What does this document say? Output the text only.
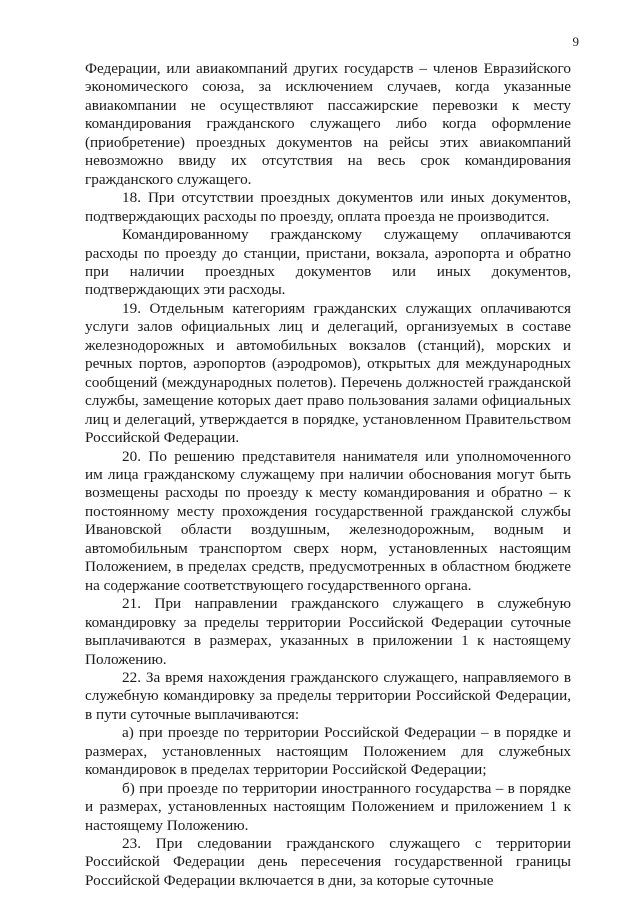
9

Федерации, или авиакомпаний других государств – членов Евразийского экономического союза, за исключением случаев, когда указанные авиакомпании не осуществляют пассажирские перевозки к месту командирования гражданского служащего либо когда оформление (приобретение) проездных документов на рейсы этих авиакомпаний невозможно ввиду их отсутствия на весь срок командирования гражданского служащего.

18. При отсутствии проездных документов или иных документов, подтверждающих расходы по проезду, оплата проезда не производится.

Командированному гражданскому служащему оплачиваются расходы по проезду до станции, пристани, вокзала, аэропорта и обратно при наличии проездных документов или иных документов, подтверждающих эти расходы.

19. Отдельным категориям гражданских служащих оплачиваются услуги залов официальных лиц и делегаций, организуемых в составе железнодорожных и автомобильных вокзалов (станций), морских и речных портов, аэропортов (аэродромов), открытых для международных сообщений (международных полетов). Перечень должностей гражданской службы, замещение которых дает право пользования залами официальных лиц и делегаций, утверждается в порядке, установленном Правительством Российской Федерации.

20. По решению представителя нанимателя или уполномоченного им лица гражданскому служащему при наличии обоснования могут быть возмещены расходы по проезду к месту командирования и обратно – к постоянному месту прохождения государственной гражданской службы Ивановской области воздушным, железнодорожным, водным и автомобильным транспортом сверх норм, установленных настоящим Положением, в пределах средств, предусмотренных в областном бюджете на содержание соответствующего государственного органа.

21. При направлении гражданского служащего в служебную командировку за пределы территории Российской Федерации суточные выплачиваются в размерах, указанных в приложении 1 к настоящему Положению.

22. За время нахождения гражданского служащего, направляемого в служебную командировку за пределы территории Российской Федерации, в пути суточные выплачиваются:

а) при проезде по территории Российской Федерации – в порядке и размерах, установленных настоящим Положением для служебных командировок в пределах территории Российской Федерации;

б) при проезде по территории иностранного государства – в порядке и размерах, установленных настоящим Положением и приложением 1 к настоящему Положению.

23. При следовании гражданского служащего с территории Российской Федерации день пересечения государственной границы Российской Федерации включается в дни, за которые суточные
